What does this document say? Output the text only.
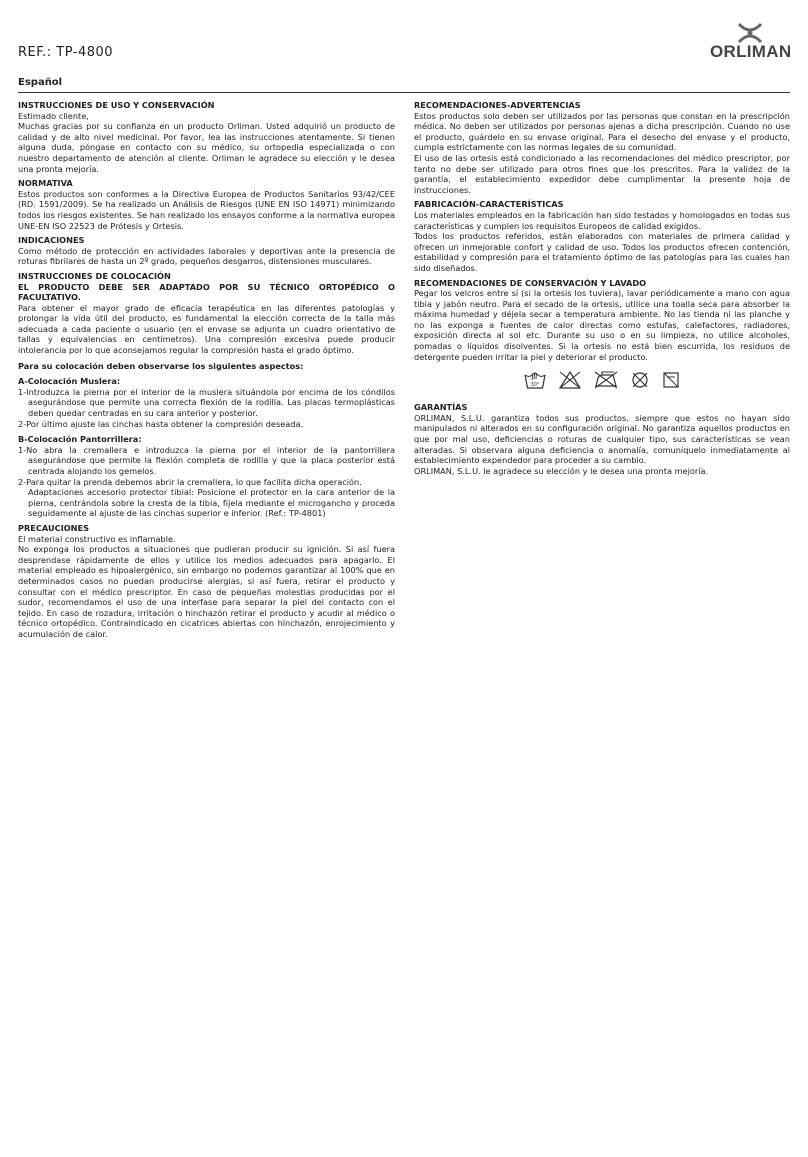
REF.: TP-4800	ORLIMAN
Español
INSTRUCCIONES DE USO Y CONSERVACIÓN

Estimado cliente,

Muchas gracias por su confianza en un producto Orliman. Usted adquirió un producto de calidad y de alto nivel medicinal. Por favor, lea las instrucciones atentamente. Si tienen alguna duda, póngase en contacto con su médico, su ortopedia especializada o con nuestro departamento de atención al cliente. Orliman le agradece su elección y le desea una pronta mejoría.

NORMATIVA

Estos productos son conformes a la Directiva Europea de Productos Sanitarios 93/42/CEE (RD. 1591/2009). Se ha realizado un Análisis de Riesgos (UNE EN ISO 14971) minimizando todos los riesgos existentes. Se han realizado los ensayos conforme a la normativa europea UNE-EN ISO 22523 de Prótesis y Ortesis.

INDICACIONES

Como método de protección en actividades laborales y deportivas ante la presencia de roturas fibrilares de hasta un 2º grado, pequeños desgarros, distensiones musculares.

INSTRUCCIONES DE COLOCACIÓN
EL PRODUCTO DEBE SER ADAPTADO POR SU TÉCNICO ORTOPÉDICO O FACULTATIVO.

Para obtener el mayor grado de eficacia terapéutica en las diferentes patologías y prolongar la vida útil del producto, es fundamental la elección correcta de la talla más adecuada a cada paciente o usuario (en el envase se adjunta un cuadro orientativo de tallas y equivalencias en centímetros). Una compresión excesiva puede producir intolerancia por lo que aconsejamos regular la compresión hasta el grado óptimo.

Para su colocación deben observarse los siguientes aspectos:
A-Colocación Muslera:

1-Introduzca la pierna por el interior de la muslera situándola por encima de los cóndilos asegurándose que permite una correcta flexión de la rodilla. Las placas termoplásticas deben quedar centradas en su cara anterior y posterior.

2-Por último ajuste las cinchas hasta obtener la compresión deseada.

B-Colocación Pantorrillera:

1-No abra la cremallera e introduzca la pierna por el interior de la pantorrillera asegurándose que permite la flexión completa de rodilla y que la placa posterior está centrada alojando los gemelos.

2-Para quitar la prenda debemos abrir la cremallera, lo que facilita dicha operación.

Adaptaciones accesorio protector tibial: Posicione el protector en la cara anterior de la pierna, centrándola sobre la cresta de la tibia, fíjela mediante el microgancho y proceda seguidamente al ajuste de las cinchas superior e inferior. (Ref.: TP-4801)

PRECAUCIONES

El material constructivo es inflamable.

No exponga los productos a situaciones que pudieran producir su ignición. Si así fuera desprendase rápidamente de ellos y utilice los medios adecuados para apagarlo. El material empleado es hipoalergénico, sin embargo no podemos garantizar al 100% que en determinados casos no puedan producirse alergias, si así fuera, retirar el producto y consultar con el médico prescriptor. En caso de pequeñas molestias producidas por el sudor, recomendamos el uso de una interfase para separar la piel del contacto con el tejido. En caso de rozadura, irritación o hinchazón retirar el producto y acudir al médico o técnico ortopédico. Contraindicado en cicatrices abiertas con hinchazón, enrojecimiento y acumulación de calor.

RECOMENDACIONES-ADVERTENCIAS

Estos productos solo deben ser utilizados por las personas que constan en la prescripción médica. No deben ser utilizados por personas ajenas a dicha prescripción. Cuando no use el producto, guárdelo en su envase original. Para el desecho del envase y el producto, cumpla estrictamente con las normas legales de su comunidad.

El uso de las ortesis está condicionado a las recomendaciones del médico prescriptor, por tanto no debe ser utilizado para otros fines que los prescritos. Para la validez de la garantía, el establecimiento expedidor debe cumplimentar la presente hoja de instrucciones.

FABRICACIÓN-CARACTERÍSTICAS

Los materiales empleados en la fabricación han sido testados y homologados en todas sus características y cumplen los requisitos Europeos de calidad exigidos.

Todos los productos referidos, están elaborados con materiales de primera calidad y ofrecen un inmejorable confort y calidad de uso. Todos los productos ofrecen contención, estabilidad y compresión para el tratamiento óptimo de las patologías para las cuales han sido diseñados.

RECOMENDACIONES DE CONSERVACIÓN Y LAVADO

Pegar los velcros entre sí (si la ortesis los tuviera), lavar periódicamente a mano con agua tibia y jabón neutro. Para el secado de la ortesis, utilice una toalla seca para absorber la máxima humedad y déjela secar a temperatura ambiente. No las tienda ni las planche y no las exponga a fuentes de calor directas como estufas, calefactores, radiadores, exposición directa al sol etc. Durante su uso o en su limpieza, no utilice alcoholes, pomadas o líquidos disolventes. Si la ortesis no está bien escurrida, los residuos de detergente pueden irritar la piel y deteriorar el producto.

30°
GARANTÍAS

ORLIMAN, S.L.U. garantiza todos sus productos, siempre que estos no hayan sido manipulados ni alterados en su configuración original. No garantiza aquellos productos en que por mal uso, deficiencias o roturas de cualquier tipo, sus características se vean alteradas. Si observara alguna deficiencia o anomalía, comuníquelo inmediatamente al establecimiento expendedor para proceder a su cambio.

ORLIMAN, S.L.U. le agradece su elección y le desea una pronta mejoría.
